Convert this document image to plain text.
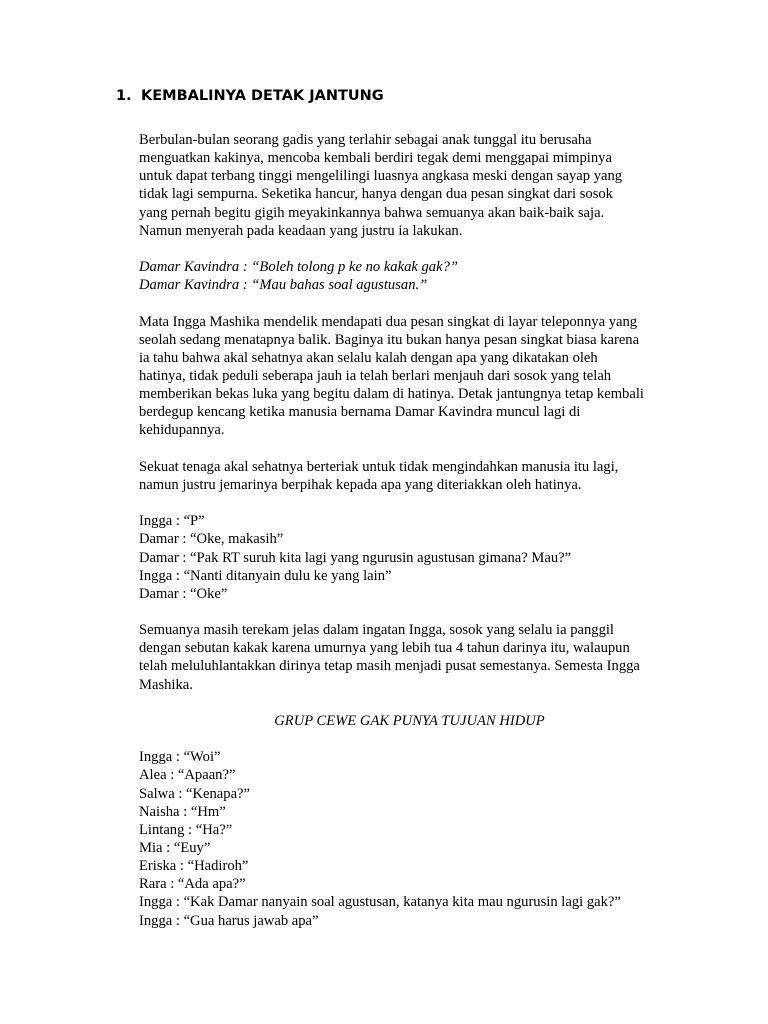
1. KEMBALINYA DETAK JANTUNG

Berbulan-bulan seorang gadis yang terlahir sebagai anak tunggal itu berusaha
menguatkan kakinya, mencoba kembali berdiri tegak demi menggapai mimpinya
untuk dapat terbang tinggi mengelilingi luasnya angkasa meski dengan sayap yang
tidak lagi sempurna. Seketika hancur, hanya dengan dua pesan singkat dari sosok
yang pernah begitu gigih meyakinkannya bahwa semuanya akan baik-baik saja.
Namun menyerah pada keadaan yang justru ia lakukan.

Damar Kavindra : “Boleh tolong p ke no kakak gak?”
Damar Kavindra : “Mau bahas soal agustusan.”

Mata Ingga Mashika mendelik mendapati dua pesan singkat di layar teleponnya yang
seolah sedang menatapnya balik. Baginya itu bukan hanya pesan singkat biasa karena
ia tahu bahwa akal sehatnya akan selalu kalah dengan apa yang dikatakan oleh
hatinya, tidak peduli seberapa jauh ia telah berlari menjauh dari sosok yang telah
memberikan bekas luka yang begitu dalam di hatinya. Detak jantungnya tetap kembali
berdegup kencang ketika manusia bernama Damar Kavindra muncul lagi di
kehidupannya.

Sekuat tenaga akal sehatnya berteriak untuk tidak mengindahkan manusia itu lagi,
namun justru jemarinya berpihak kepada apa yang diteriakkan oleh hatinya.

Ingga : “P”
Damar : “Oke, makasih”
Damar : “Pak RT suruh kita lagi yang ngurusin agustusan gimana? Mau?”
Ingga : “Nanti ditanyain dulu ke yang lain”
Damar : “Oke”

Semuanya masih terekam jelas dalam ingatan Ingga, sosok yang selalu ia panggil
dengan sebutan kakak karena umurnya yang lebih tua 4 tahun darinya itu, walaupun
telah meluluhlantakkan dirinya tetap masih menjadi pusat semestanya. Semesta Ingga
Mashika.

GRUP CEWE GAK PUNYA TUJUAN HIDUP
Ingga : “Woi”
Alea : “Apaan?”
Salwa : “Kenapa?”
Naisha : “Hm”
Lintang : “Ha?”
Mia : “Euy”
Eriska : “Hadiroh”
Rara : “Ada apa?”
Ingga : “Kak Damar nanyain soal agustusan, katanya kita mau ngurusin lagi gak?”
Ingga : “Gua harus jawab apa”
